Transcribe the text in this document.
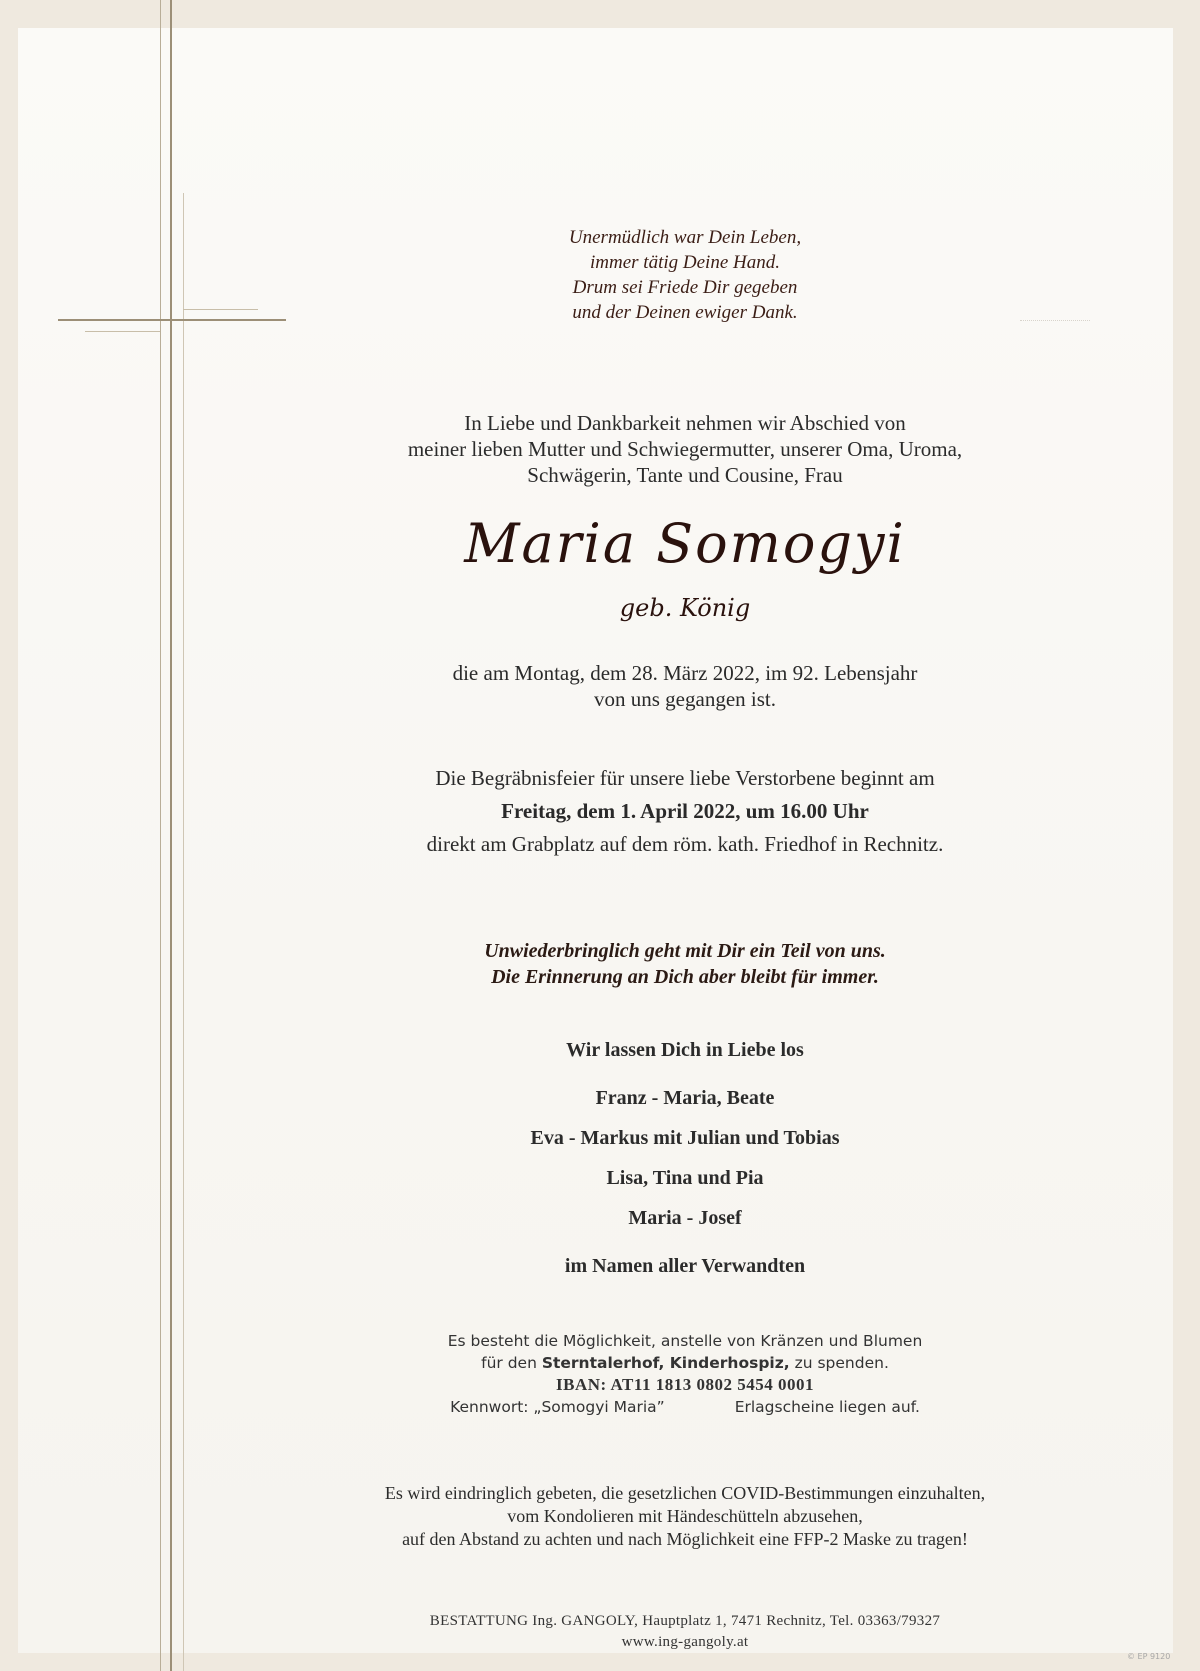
Unermüdlich war Dein Leben,
immer tätig Deine Hand.
Drum sei Friede Dir gegeben
und der Deinen ewiger Dank.
In Liebe und Dankbarkeit nehmen wir Abschied von
meiner lieben Mutter und Schwiegermutter, unserer Oma, Uroma,
Schwägerin, Tante und Cousine, Frau
Maria Somogyi
geb. König
die am Montag, dem 28. März 2022, im 92. Lebensjahr
von uns gegangen ist.
Die Begräbnisfeier für unsere liebe Verstorbene beginnt am
Freitag, dem 1. April 2022, um 16.00 Uhr
direkt am Grabplatz auf dem röm. kath. Friedhof in Rechnitz.
Unwiederbringlich geht mit Dir ein Teil von uns.
Die Erinnerung an Dich aber bleibt für immer.
Wir lassen Dich in Liebe los
Franz - Maria, Beate
Eva - Markus mit Julian und Tobias
Lisa, Tina und Pia
Maria - Josef
im Namen aller Verwandten
Es besteht die Möglichkeit, anstelle von Kränzen und Blumen
für den Sterntalerhof, Kinderhospiz, zu spenden.
IBAN: AT11 1813 0802 5454 0001
Kennwort: „Somogyi Maria”	Erlagscheine liegen auf.
Es wird eindringlich gebeten, die gesetzlichen COVID-Bestimmungen einzuhalten,
vom Kondolieren mit Händeschütteln abzusehen,
auf den Abstand zu achten und nach Möglichkeit eine FFP-2 Maske zu tragen!
BESTATTUNG Ing. GANGOLY, Hauptplatz 1, 7471 Rechnitz, Tel. 03363/79327
www.ing-gangoly.at
© EP 9120
